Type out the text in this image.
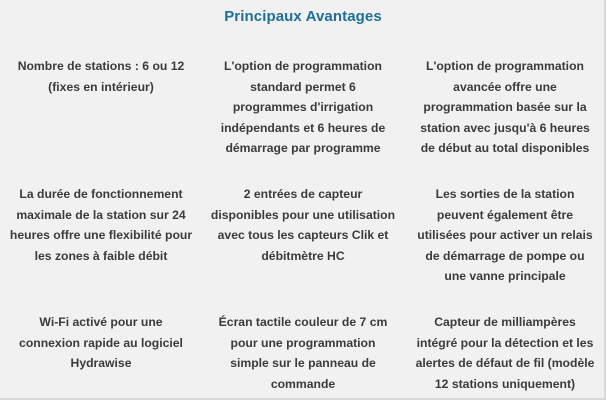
Principaux Avantages
Nombre de stations : 6 ou 12
(fixes en intérieur)
L'option de programmation
standard permet 6
programmes d'irrigation
indépendants et 6 heures de
démarrage par programme
L'option de programmation
avancée offre une
programmation basée sur la
station avec jusqu'à 6 heures
de début au total disponibles
La durée de fonctionnement
maximale de la station sur 24
heures offre une flexibilité pour
les zones à faible débit
2 entrées de capteur
disponibles pour une utilisation
avec tous les capteurs Clik et
débitmètre HC
Les sorties de la station
peuvent également être
utilisées pour activer un relais
de démarrage de pompe ou
une vanne principale
Wi-Fi activé pour une
connexion rapide au logiciel
Hydrawise
Écran tactile couleur de 7 cm
pour une programmation
simple sur le panneau de
commande
Capteur de milliampères
intégré pour la détection et les
alertes de défaut de fil (modèle
12 stations uniquement)
